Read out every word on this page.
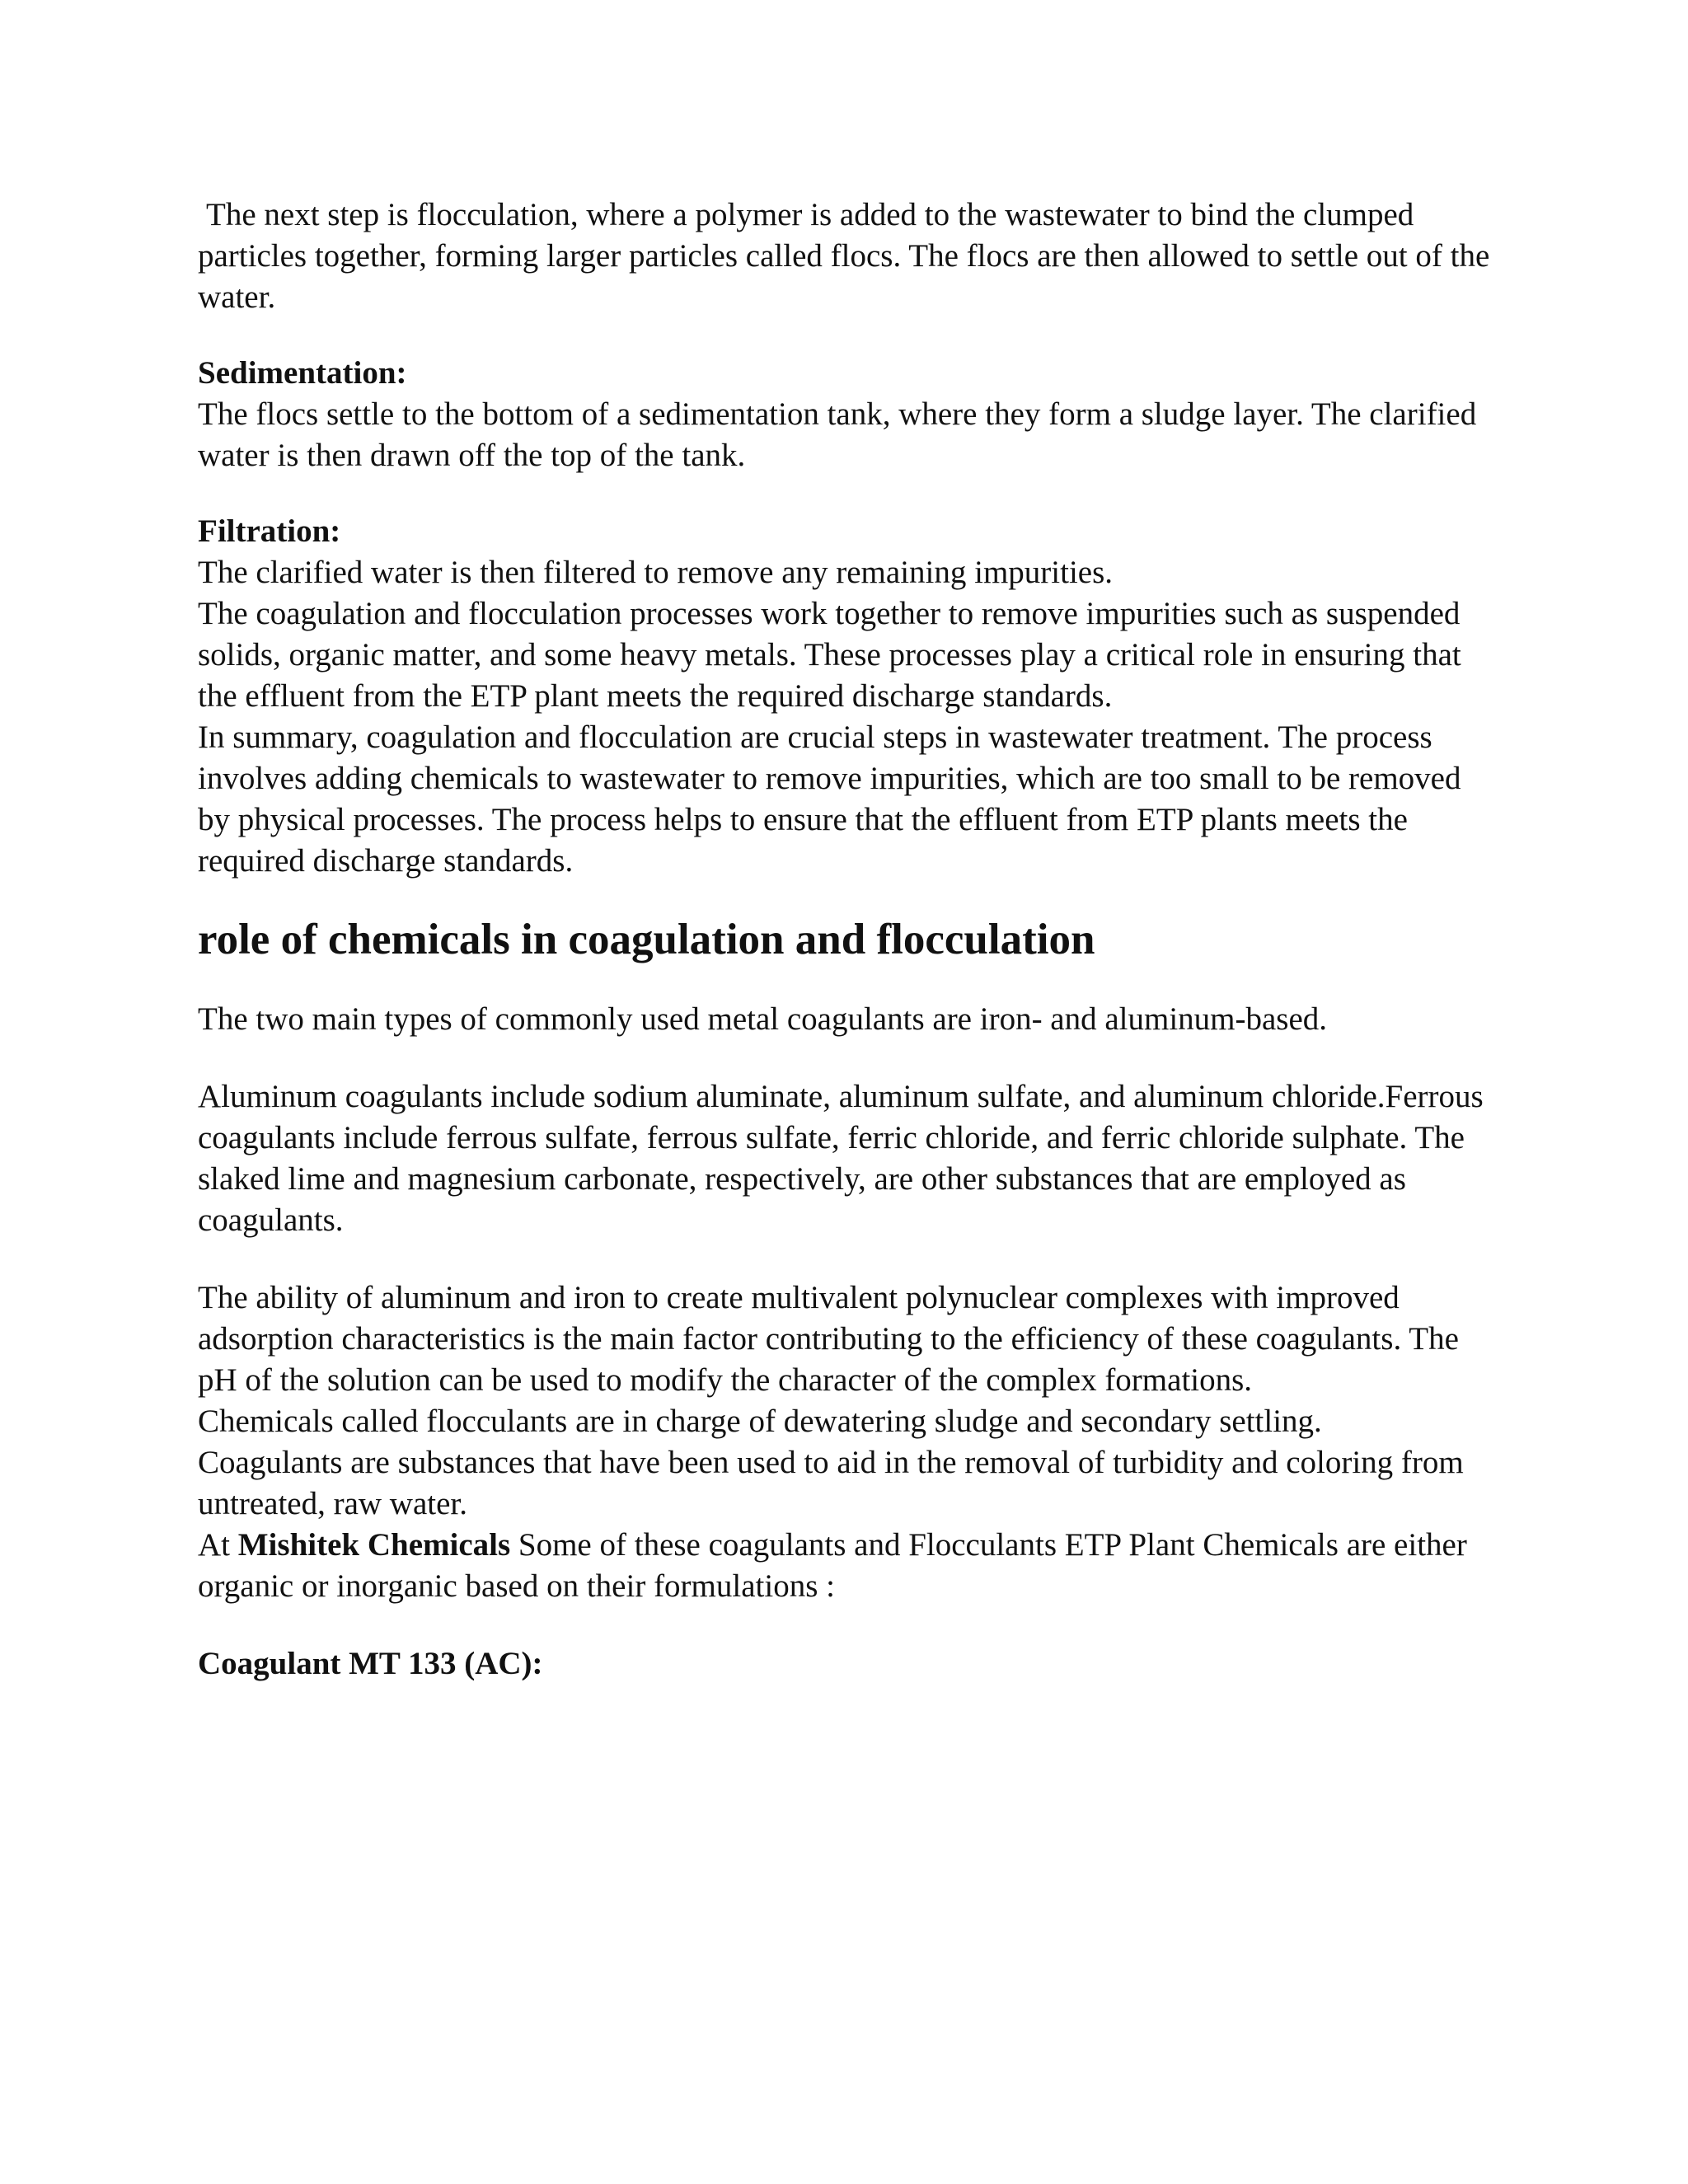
The next step is flocculation, where a polymer is added to the wastewater to bind the clumped particles together, forming larger particles called flocs. The flocs are then allowed to settle out of the water.

Sedimentation:

The flocs settle to the bottom of a sedimentation tank, where they form a sludge layer. The clarified water is then drawn off the top of the tank.

Filtration:

The clarified water is then filtered to remove any remaining impurities.

The coagulation and flocculation processes work together to remove impurities such as suspended solids, organic matter, and some heavy metals. These processes play a critical role in ensuring that the effluent from the ETP plant meets the required discharge standards.

In summary, coagulation and flocculation are crucial steps in wastewater treatment. The process involves adding chemicals to wastewater to remove impurities, which are too small to be removed by physical processes. The process helps to ensure that the effluent from ETP plants meets the required discharge standards.

role of chemicals in coagulation and flocculation

The two main types of commonly used metal coagulants are iron- and aluminum-based.

Aluminum coagulants include sodium aluminate, aluminum sulfate, and aluminum chloride.Ferrous coagulants include ferrous sulfate, ferrous sulfate, ferric chloride, and ferric chloride sulphate. The slaked lime and magnesium carbonate, respectively, are other substances that are employed as coagulants.

The ability of aluminum and iron to create multivalent polynuclear complexes with improved adsorption characteristics is the main factor contributing to the efficiency of these coagulants. The pH of the solution can be used to modify the character of the complex formations.

Chemicals called flocculants are in charge of dewatering sludge and secondary settling.

Coagulants are substances that have been used to aid in the removal of turbidity and coloring from untreated, raw water.

At Mishitek Chemicals Some of these coagulants and Flocculants ETP Plant Chemicals are either organic or inorganic based on their formulations :

Coagulant MT 133 (AC):
